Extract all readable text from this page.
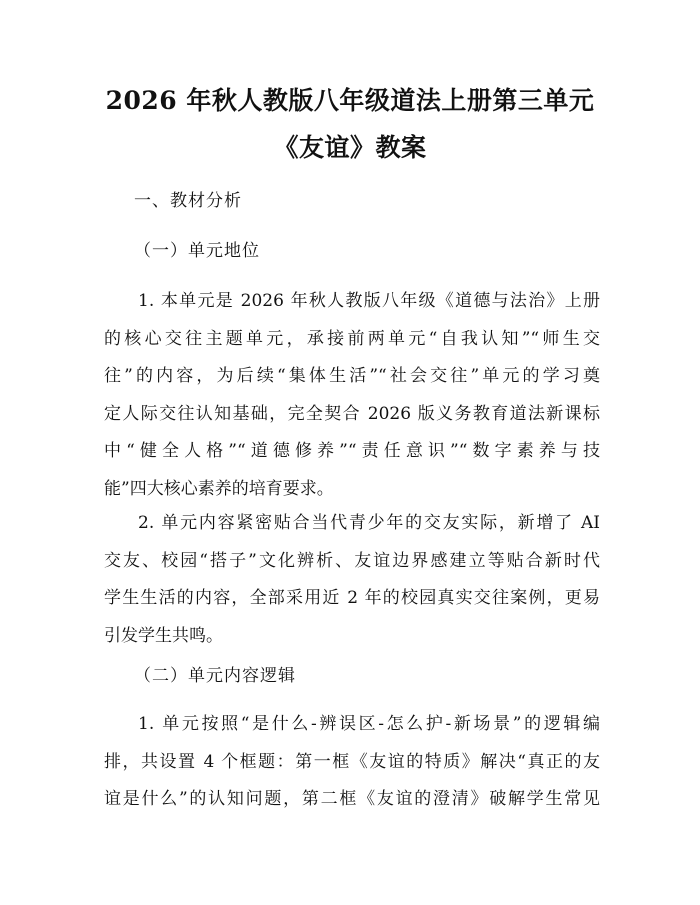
2026 年秋人教版八年级道法上册第三单元
《友谊》教案
一、教材分析
（一）单元地位
1. 本单元是 2026 年秋人教版八年级《道德与法治》上册
的核心交往主题单元，承接前两单元“自我认知”“师生交
往”的内容，为后续“集体生活”“社会交往”单元的学习奠
定人际交往认知基础，完全契合 2026 版义务教育道法新课标
中“健全人格”“道德修养”“责任意识”“数字素养与技
能”四大核心素养的培育要求。
2. 单元内容紧密贴合当代青少年的交友实际，新增了 AI
交友、校园“搭子”文化辨析、友谊边界感建立等贴合新时代
学生生活的内容，全部采用近 2 年的校园真实交往案例，更易
引发学生共鸣。
（二）单元内容逻辑
1. 单元按照“是什么-辨误区-怎么护-新场景”的逻辑编
排，共设置 4 个框题：第一框《友谊的特质》解决“真正的友
谊是什么”的认知问题，第二框《友谊的澄清》破解学生常见
